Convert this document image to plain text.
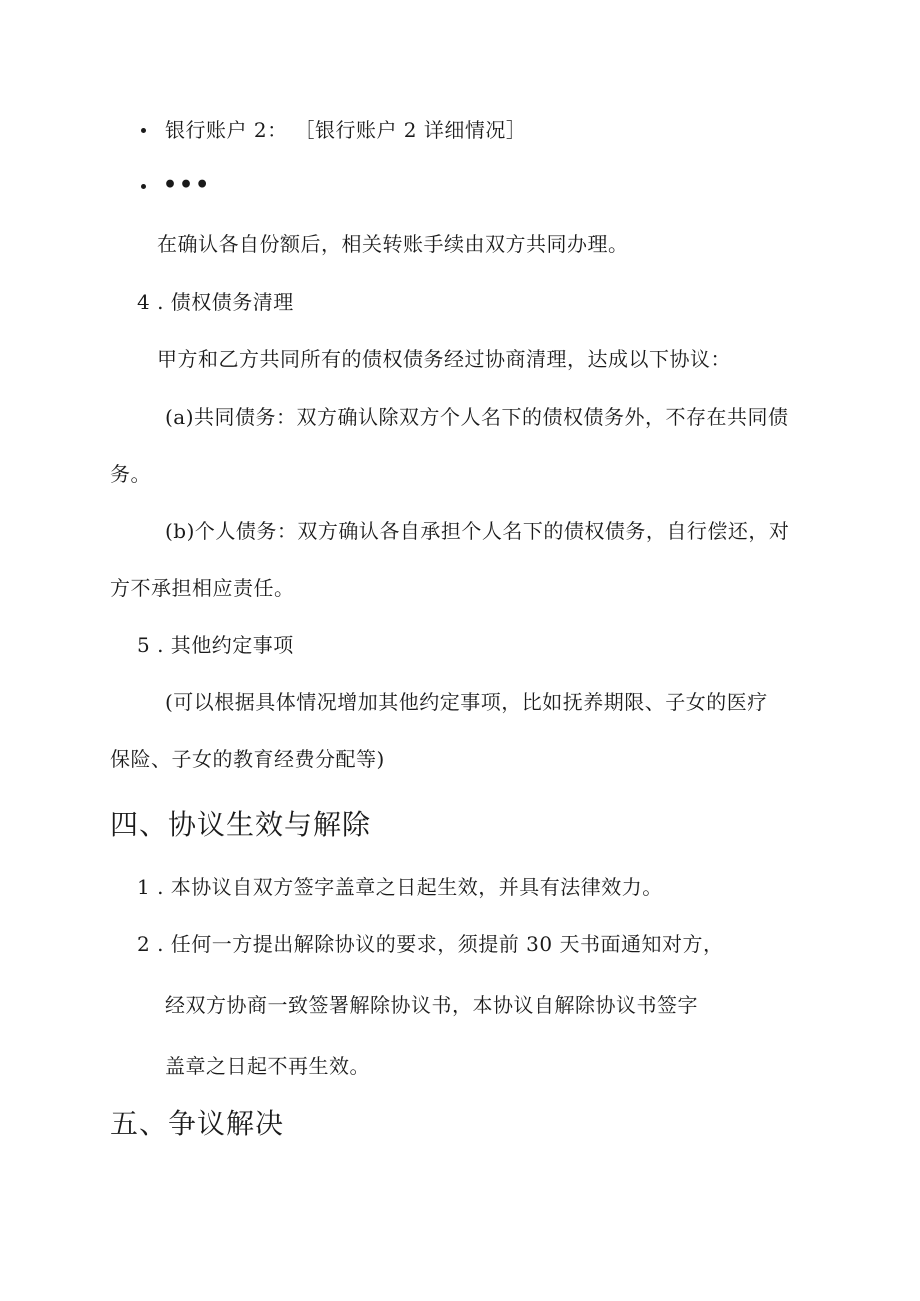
银行账户 2： ［银行账户 2 详细情况］
•••
在确认各自份额后，相关转账手续由双方共同办理。
4 . 债权债务清理
甲方和乙方共同所有的债权债务经过协商清理，达成以下协议：
(a)共同债务：双方确认除双方个人名下的债权债务外，不存在共同债
务。
(b)个人债务：双方确认各自承担个人名下的债权债务，自行偿还，对
方不承担相应责任。
5 . 其他约定事项
(可以根据具体情况增加其他约定事项，比如抚养期限、子女的医疗
保险、子女的教育经费分配等)
四、协议生效与解除
1 . 本协议自双方签字盖章之日起生效，并具有法律效力。
2 . 任何一方提出解除协议的要求，须提前 30 天书面通知对方，
经双方协商一致签署解除协议书，本协议自解除协议书签字
盖章之日起不再生效。
五、争议解决
